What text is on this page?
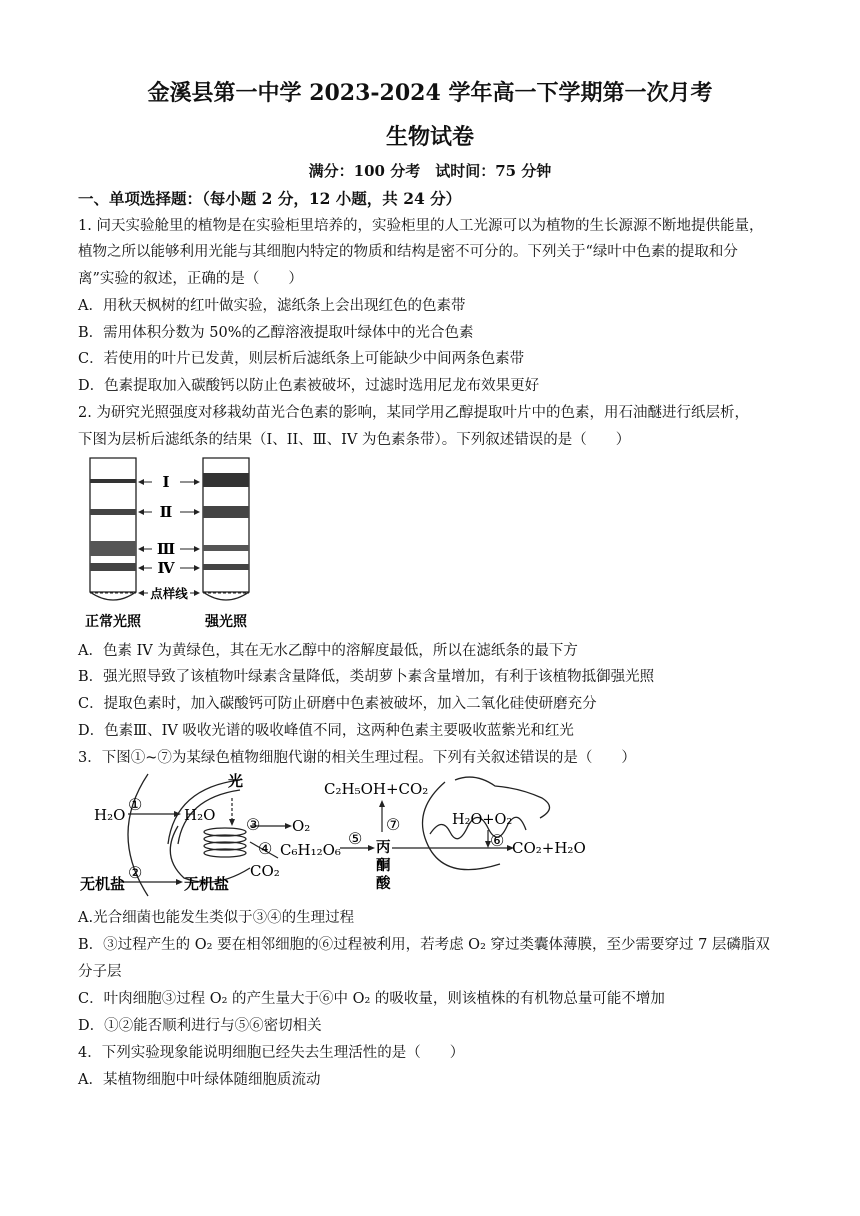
金溪县第一中学 2023-2024 学年高一下学期第一次月考
生物试卷
满分：100 分考　试时间：75 分钟
一、单项选择题：（每小题 2 分，12 小题，共 24 分）
1. 问天实验舱里的植物是在实验柜里培养的，实验柜里的人工光源可以为植物的生长源源不断地提供能量，
植物之所以能够利用光能与其细胞内特定的物质和结构是密不可分的。下列关于“绿叶中色素的提取和分
离”实验的叙述，正确的是（　　）
A．用秋天枫树的红叶做实验，滤纸条上会出现红色的色素带
B．需用体积分数为 50%的乙醇溶液提取叶绿体中的光合色素
C．若使用的叶片已发黄，则层析后滤纸条上可能缺少中间两条色素带
D．色素提取加入碳酸钙以防止色素被破坏，过滤时选用尼龙布效果更好
2. 为研究光照强度对移栽幼苗光合色素的影响，某同学用乙醇提取叶片中的色素，用石油醚进行纸层析，
下图为层析后滤纸条的结果（I、II、Ⅲ、IV 为色素条带）。下列叙述错误的是（　　）
Ⅰ
Ⅱ
Ⅲ
Ⅳ
点样线
正常光照	强光照
A．色素 IV 为黄绿色，其在无水乙醇中的溶解度最低，所以在滤纸条的最下方
B．强光照导致了该植物叶绿素含量降低，类胡萝卜素含量增加，有利于该植物抵御强光照
C．提取色素时，加入碳酸钙可防止研磨中色素被破坏，加入二氧化硅使研磨充分
D．色素Ⅲ、IV 吸收光谱的吸收峰值不同，这两种色素主要吸收蓝紫光和红光
3．下图①~⑦为某绿色植物细胞代谢的相关生理过程。下列有关叙述错误的是（　　）
H₂O	H₂O
光
O₂
CO₂
C₆H₁₂O₆
C₂H₅OH+CO₂
丙
酮
酸
H₂O+O₂
CO₂+H₂O
无机盐	无机盐
①
②
③
④
⑤	⑥
⑦
A.光合细菌也能发生类似于③④的生理过程
B．③过程产生的 O₂ 要在相邻细胞的⑥过程被利用，若考虑 O₂ 穿过类囊体薄膜，至少需要穿过 7 层磷脂双
分子层
C．叶肉细胞③过程 O₂ 的产生量大于⑥中 O₂ 的吸收量，则该植株的有机物总量可能不增加
D．①②能否顺利进行与⑤⑥密切相关
4．下列实验现象能说明细胞已经失去生理活性的是（　　）
A．某植物细胞中叶绿体随细胞质流动
